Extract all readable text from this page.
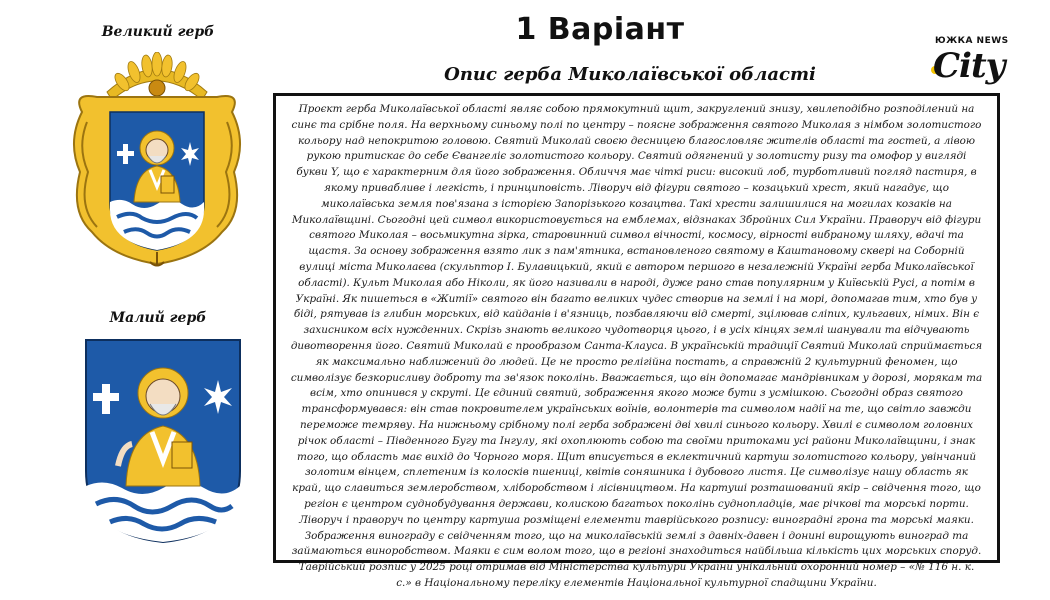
Великий герб
Малий герб
1 Варіант
Опис герба Миколаївської області
ЮЖКА NEWS
City

Проєкт герба Миколаївської області являє собою прямокутний щит, закруглений знизу, хвилеподібно розподілений на синє та срібне поля. На верхньому синьому полі по центру – поясне зображення святого Миколая з німбом золотистого кольору над непокритою головою. Святий Миколай своєю десницею благословляє жителів області та гостей, а лівою рукою притискає до себе Євангеліє золотистого кольору. Святий одягнений у золотисту ризу та омофор у вигляді букви Y, що є характерним для його зображення. Обличчя має чіткі риси: високий лоб, турботливий погляд пастиря, в якому привабливе і легкість, і принциповість. Ліворуч від фігури святого – козацький хрест, який нагадує, що миколаївська земля пов'язана з історією Запорізького козацтва. Такі хрести залишилися на могилах козаків на Миколаївщині. Сьогодні цей символ використовується на емблемах, відзнаках Збройних Сил України. Праворуч від фігури святого Миколая – восьмикутна зірка, старовинний символ вічності, космосу, вірності вибраному шляху, вдачі та щастя. За основу зображення взято лик з пам'ятника, встановленого святому в Каштановому сквері на Соборній вулиці міста Миколаєва (скульптор І. Булавицький, який є автором першого в незалежній Україні герба Миколаївської області). Культ Миколая або Ніколи, як його називали в народі, дуже рано став популярним у Київській Русі, а потім в Україні. Як пишеться в «Житії» святого він багато великих чудес створив на землі і на морі, допомагав тим, хто був у біді, рятував із глибин морських, від кайданів і в'язниць, позбавляючи від смерті, зцілював сліпих, кульгавих, німих. Він є захисником всіх нужденних. Скрізь знають великого чудотворця цього, і в усіх кінцях землі шанували та відчувають дивотворення його. Святий Миколай є прообразом Санта-Клауса. В українській традиції Святий Миколай сприймається як максимально наближений до людей. Це не просто релігійна постать, а справжній 2 культурний феномен, що символізує безкорисливу доброту та зв'язок поколінь. Вважається, що він допомагає мандрівникам у дорозі, морякам та всім, хто опинився у скруті. Це єдиний святий, зображення якого може бути з усмішкою. Сьогодні образ святого трансформувався: він став покровителем українських воїнів, волонтерів та символом надії на те, що світло завжди переможе темряву. На нижньому срібному полі герба зображені дві хвилі синього кольору. Хвилі є символом головних річок області – Південного Бугу та Інгулу, які охоплюють собою та своїми притоками усі райони Миколаївщини, і знак того, що область має вихід до Чорного моря. Щит вписується в еклектичний картуш золотистого кольору, увінчаний золотим вінцем, сплетеним із колосків пшениці, квітів соняшника і дубового листя. Це символізує нашу область як край, що славиться землеробством, хліборобством і лісівництвом. На картуші розташований якір – свідчення того, що регіон є центром суднобудування держави, колискою багатьох поколінь суднопладців, має річкові та морські порти. Ліворуч і праворуч по центру картуша розміщені елементи таврійського розпису: виноградні грона та морські маяки. Зображення винограду є свідченням того, що на миколаївській землі з давніх-давен і донині вирощують виноград та займаються виноробством. Маяки є сим волом того, що в регіоні знаходиться найбільша кількість цих морських споруд. Таврійський розпис у 2025 році отримав від Міністерства культури України унікальний охоронний номер – «№ 116 н. к. с.» в Національному переліку елементів Національної культурної спадщини України.
